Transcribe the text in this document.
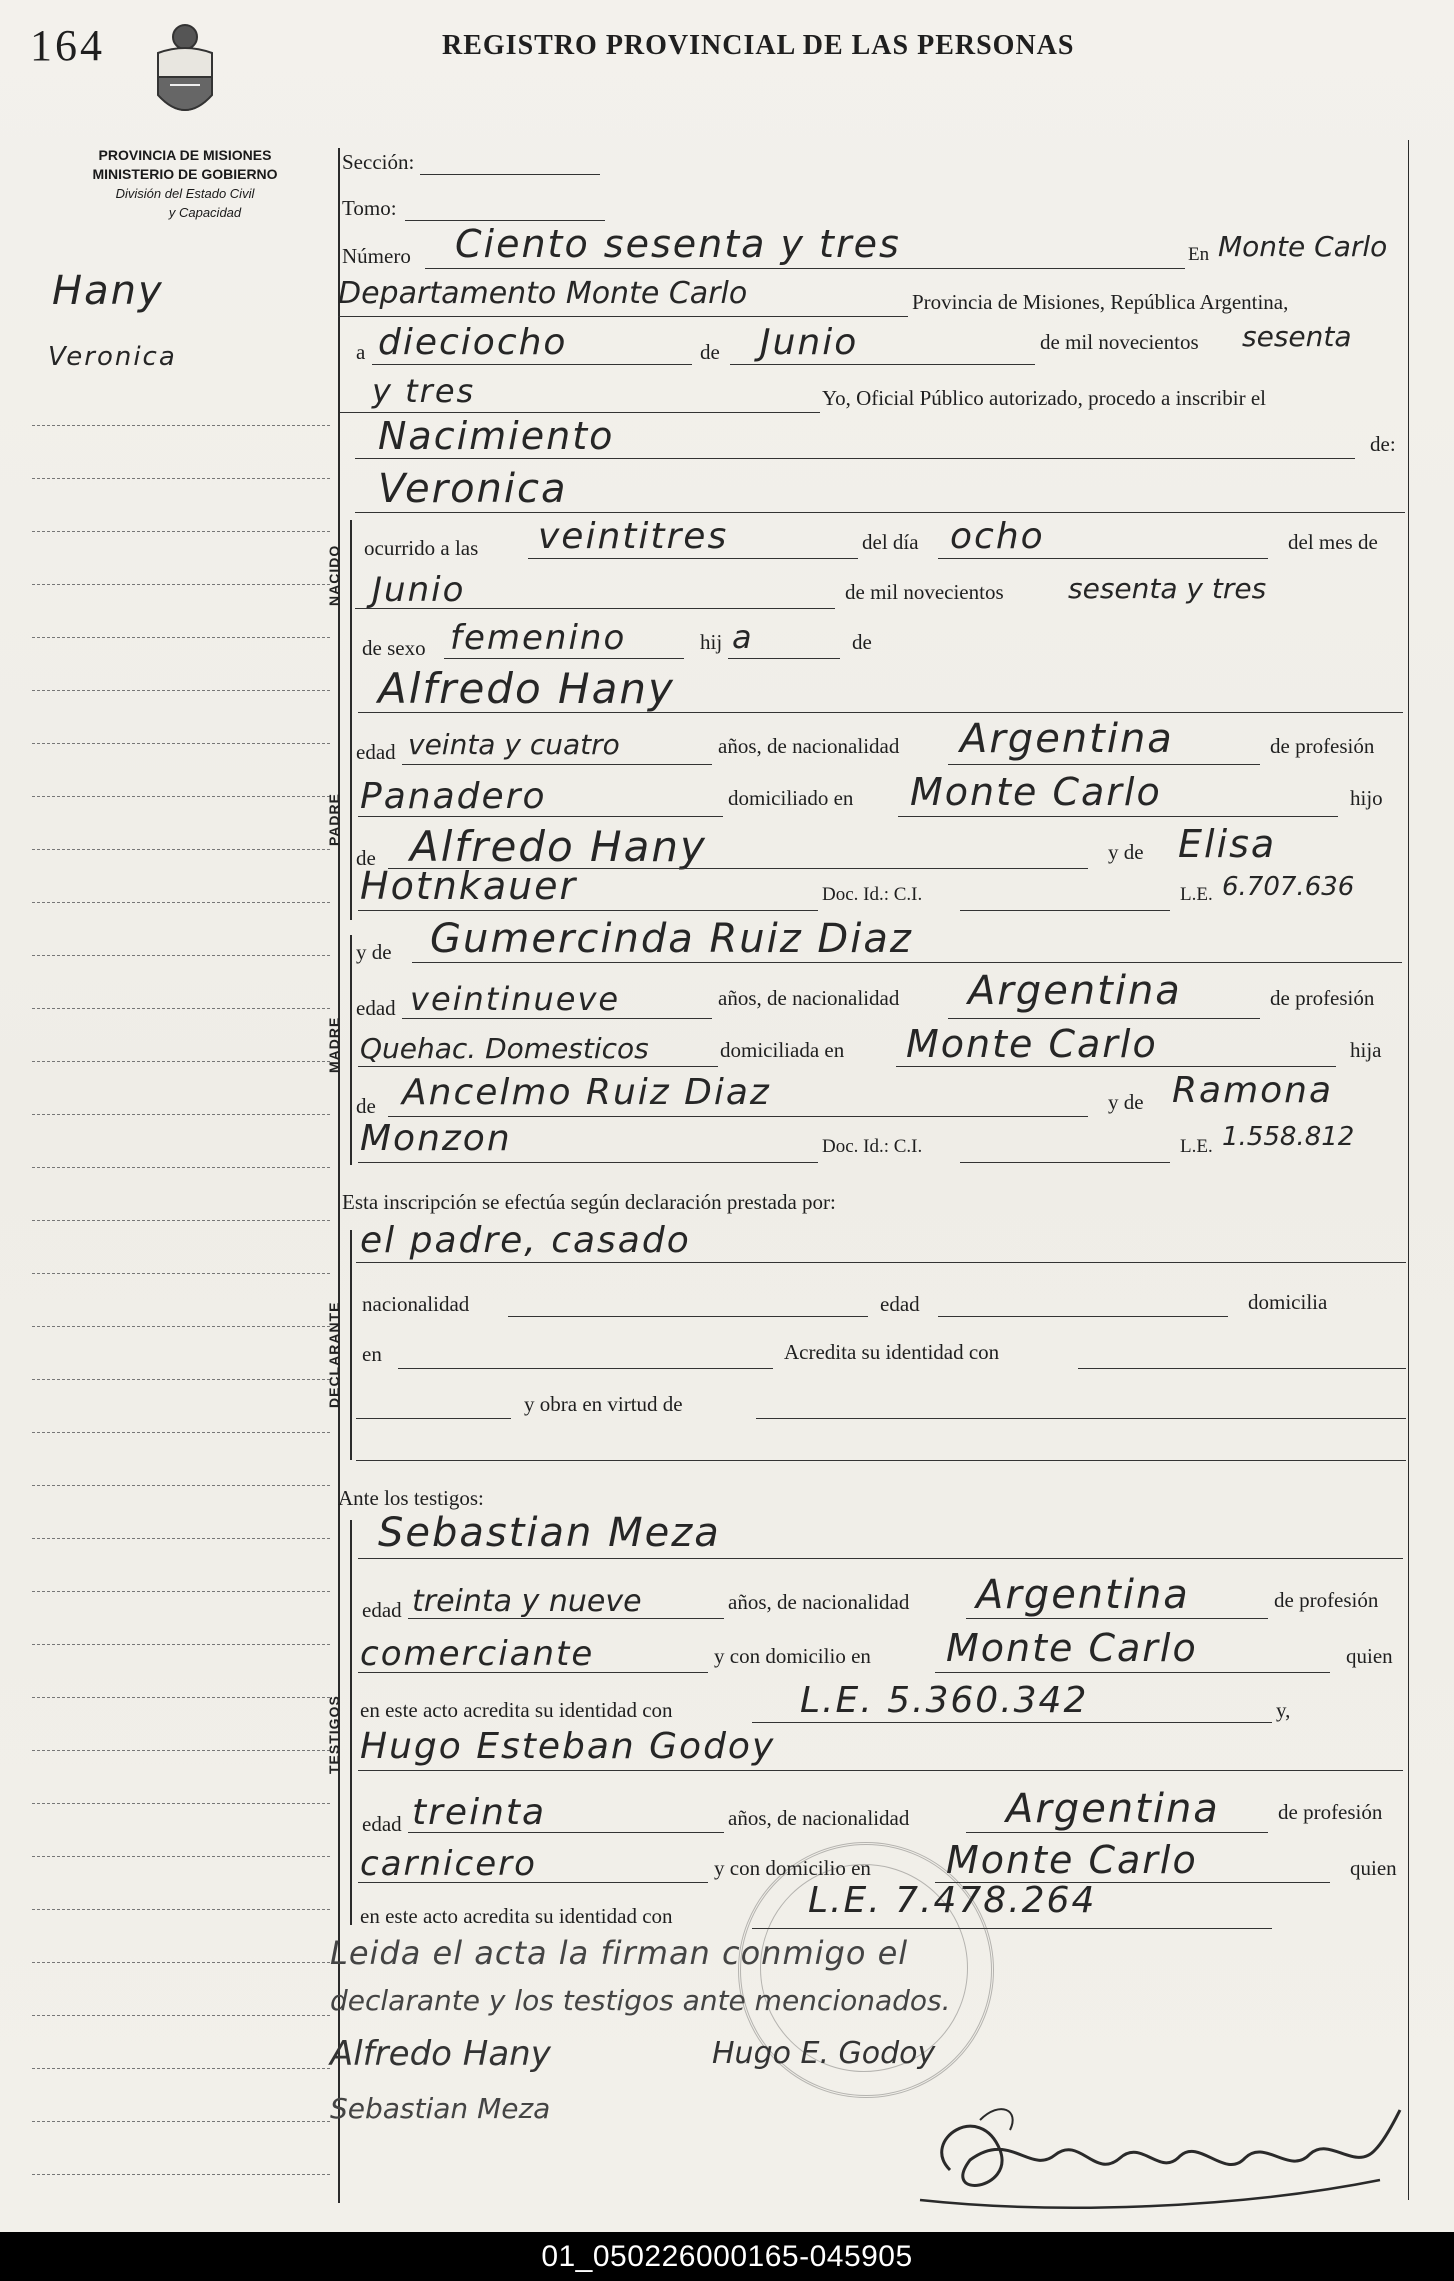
164	REGISTRO PROVINCIAL DE LAS PERSONAS
PROVINCIA DE MISIONES
MINISTERIO DE GOBIERNO
División del Estado Civil
y Capacidad
Hany
Veronica
NACIDO
PADRE
MADRE
DECLARANTE
TESTIGOS
Sección:
Tomo:
Número Ciento sesenta y tres	En Monte Carlo
Departamento Monte Carlo	Provincia de Misiones, República Argentina,
a dieciocho	de Junio	de mil novecientos sesenta
y tres	Yo, Oficial Público autorizado, procedo a inscribir el
Nacimiento	de:
Veronica
ocurrido a las veintitres	del día ocho	del mes de
Junio	de mil novecientos sesenta y tres
de sexo femenino	hij a	de
Alfredo Hany
edad veinta y cuatro	años, de nacionalidad Argentina	de profesión
Panadero	domiciliado en Monte Carlo	hijo
de Alfredo Hany	y de Elisa
Hotnkauer	Doc. Id.: C.I.	L.E. 6.707.636
y de Gumercinda Ruiz Diaz
edad veintinueve	años, de nacionalidad Argentina	de profesión
Quehac. Domesticos	domiciliada en Monte Carlo	hija
de Ancelmo Ruiz Diaz	y de Ramona
Monzon	Doc. Id.: C.I.	L.E. 1.558.812
Esta inscripción se efectúa según declaración prestada por:
el padre, casado
nacionalidad	edad	domicilia
en	Acredita su identidad con
y obra en virtud de
Ante los testigos:
Sebastian Meza
edad treinta y nueve	años, de nacionalidad Argentina	de profesión
comerciante	y con domicilio en Monte Carlo	quien
en este acto acredita su identidad con	L.E. 5.360.342	y,
Hugo Esteban Godoy
edad treinta	años, de nacionalidad Argentina	de profesión
carnicero	y con domicilio en Monte Carlo	quien
en este acto acredita su identidad con	L.E. 7.478.264
Leida el acta la firman conmigo el
declarante y los testigos ante mencionados.
Alfredo Hany	Hugo E. Godoy
Sebastian Meza
01_050226000165-045905
